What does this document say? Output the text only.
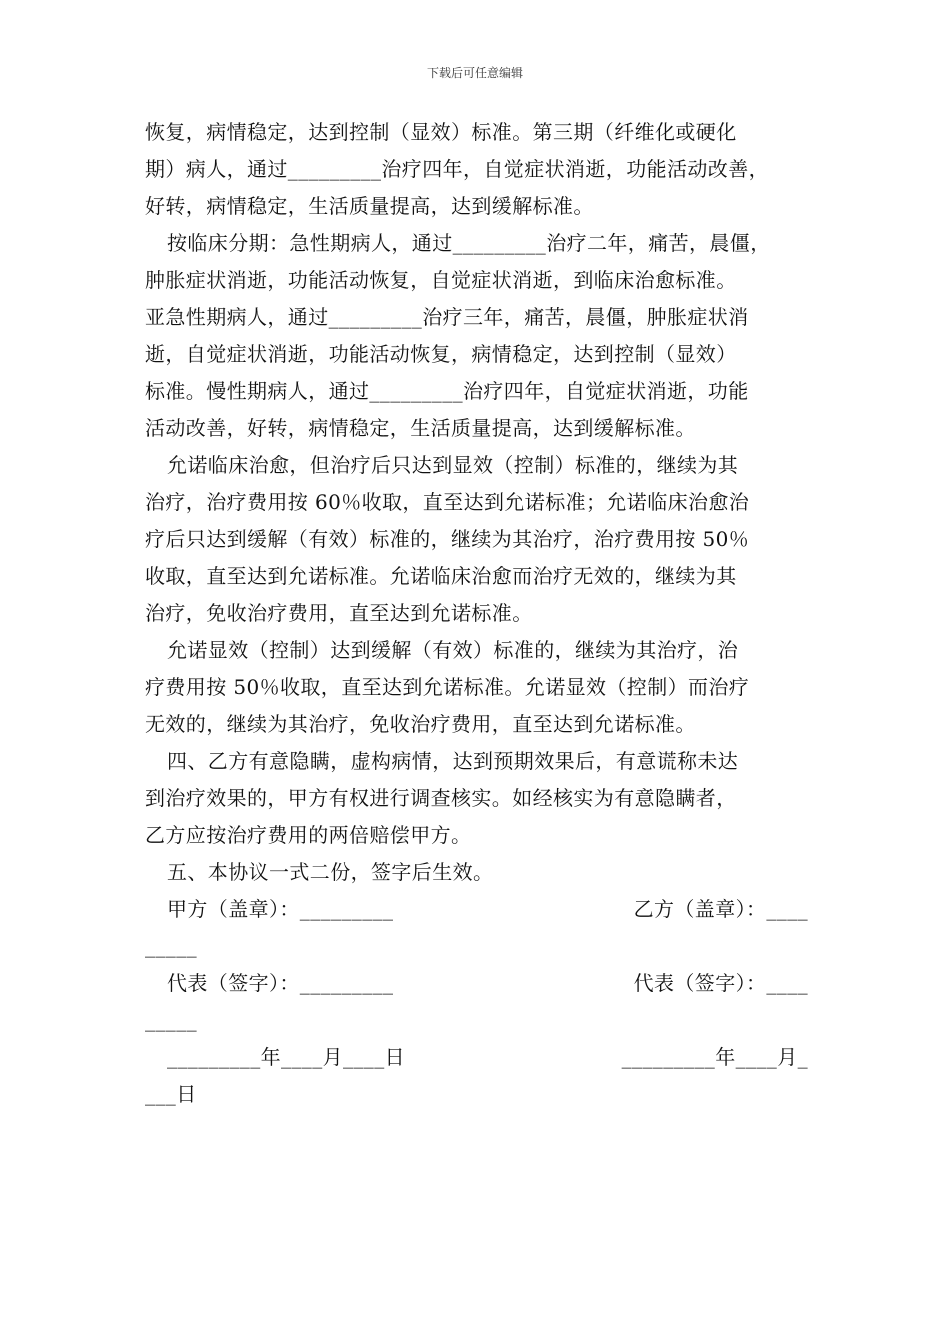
下载后可任意编辑
恢复，病情稳定，达到控制（显效）标准。第三期（纤维化或硬化
期）病人，通过_________治疗四年，自觉症状消逝，功能活动改善，
好转，病情稳定，生活质量提高，达到缓解标准。
按临床分期：急性期病人，通过_________治疗二年，痛苦，晨僵，
肿胀症状消逝，功能活动恢复，自觉症状消逝，到临床治愈标准。
亚急性期病人，通过_________治疗三年，痛苦，晨僵，肿胀症状消
逝，自觉症状消逝，功能活动恢复，病情稳定，达到控制（显效）
标准。慢性期病人，通过_________治疗四年，自觉症状消逝，功能
活动改善，好转，病情稳定，生活质量提高，达到缓解标准。
允诺临床治愈，但治疗后只达到显效（控制）标准的，继续为其
治疗，治疗费用按 60％收取，直至达到允诺标准；允诺临床治愈治
疗后只达到缓解（有效）标准的，继续为其治疗，治疗费用按 50％
收取，直至达到允诺标准。允诺临床治愈而治疗无效的，继续为其
治疗，免收治疗费用，直至达到允诺标准。
允诺显效（控制）达到缓解（有效）标准的，继续为其治疗，治
疗费用按 50％收取，直至达到允诺标准。允诺显效（控制）而治疗
无效的，继续为其治疗，免收治疗费用，直至达到允诺标准。
四、乙方有意隐瞒，虚构病情，达到预期效果后，有意谎称未达
到治疗效果的，甲方有权进行调查核实。如经核实为有意隐瞒者，
乙方应按治疗费用的两倍赔偿甲方。
五、本协议一式二份，签字后生效。
甲方（盖章）：_________	乙方（盖章）：____
_____
代表（签字）：_________	代表（签字）：____
_____
_________年____月____日	_________年____月_
___日
